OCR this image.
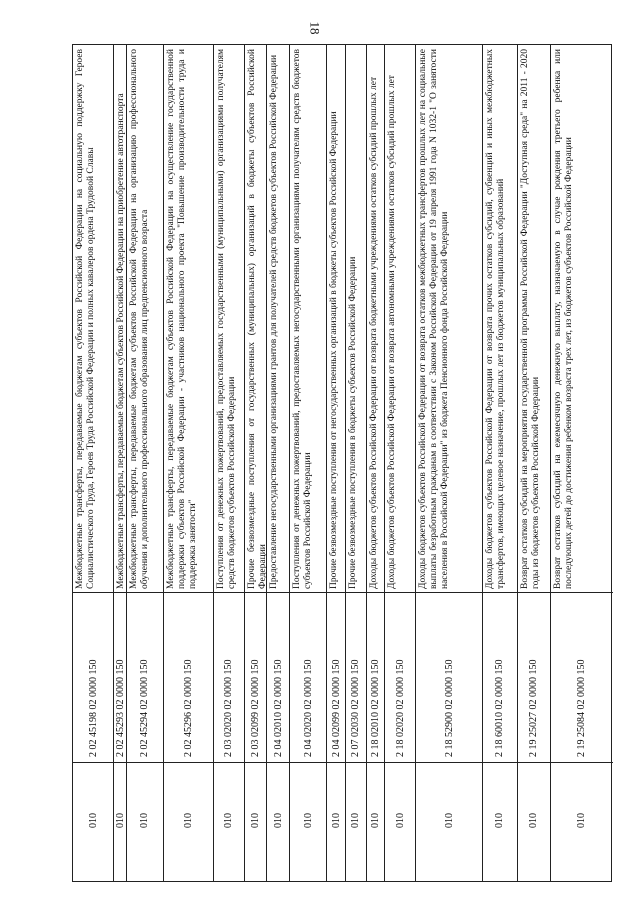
18
Межбюджетные трансферты, передаваемые бюджетам субъектов Российской Федерации на социальную поддержку Героев Социалистического Труда, Героев Труда Российской Федерации и полных кавалеров ордена Трудовой Славы
2 02 45198 02 0000 150
010
Межбюджетные трансферты, передаваемые бюджетам субъектов Российской Федерации на приобретение автотранспорта
2 02 45293 02 0000 150
010
Межбюджетные трансферты, передаваемые бюджетам субъектов Российской Федерации на организацию профессионального обучения и дополнительного профессионального образования лиц предпенсионного возраста
2 02 45294 02 0000 150
010
Межбюджетные трансферты, передаваемые бюджетам субъектов Российской Федерации на осуществление государственной поддержки субъектов Российской Федерации - участников национального проекта "Повышение производительности труда и поддержка занятости"
2 02 45296 02 0000 150
010
Поступления от денежных пожертвований, предоставляемых государственными (муниципальными) организациями получателям средств бюджетов субъектов Российской Федерации
2 03 02020 02 0000 150
010
Прочие безвозмездные поступления от государственных (муниципальных) организаций в бюджеты субъектов Российской Федерации
2 03 02099 02 0000 150
010
Предоставление негосударственными организациями грантов для получателей средств бюджетов субъектов Российской Федерации
2 04 02010 02 0000 150
010
Поступления от денежных пожертвований, предоставляемых негосударственными организациями получателям средств бюджетов субъектов Российской Федерации
2 04 02020 02 0000 150
010
Прочие безвозмездные поступления от негосударственных организаций в бюджеты субъектов Российской Федерации
2 04 02099 02 0000 150
010
Прочие безвозмездные поступления в бюджеты субъектов Российской Федерации
2 07 02030 02 0000 150
010
Доходы бюджетов субъектов Российской Федерации от возврата бюджетными учреждениями остатков субсидий прошлых лет
2 18 02010 02 0000 150
010
Доходы бюджетов субъектов Российской Федерации от возврата автономными учреждениями остатков субсидий прошлых лет
2 18 02020 02 0000 150
010
Доходы бюджетов субъектов Российской Федерации от возврата остатков межбюджетных трансфертов прошлых лет на социальные выплаты безработным гражданам в соответствии с Законом Российской Федерации от 19 апреля 1991 года N 1032-1 "О занятости населения в Российской Федерации" из бюджета Пенсионного фонда Российской Федерации
2 18 52900 02 0000 150
010
Доходы бюджетов субъектов Российской Федерации от возврата прочих остатков субсидий, субвенций и иных межбюджетных трансфертов, имеющих целевое назначение, прошлых лет из бюджетов муниципальных образований
2 18 60010 02 0000 150
010
Возврат остатков субсидий на мероприятия государственной программы Российской Федерации "Доступная среда" на 2011 - 2020 годы из бюджетов субъектов Российской Федерации
2 19 25027 02 0000 150
010
Возврат остатков субсидий на ежемесячную денежную выплату, назначаемую в случае рождения третьего ребенка или последующих детей до достижения ребенком возраста трех лет, из бюджетов субъектов Российской Федерации
2 19 25084 02 0000 150
010
